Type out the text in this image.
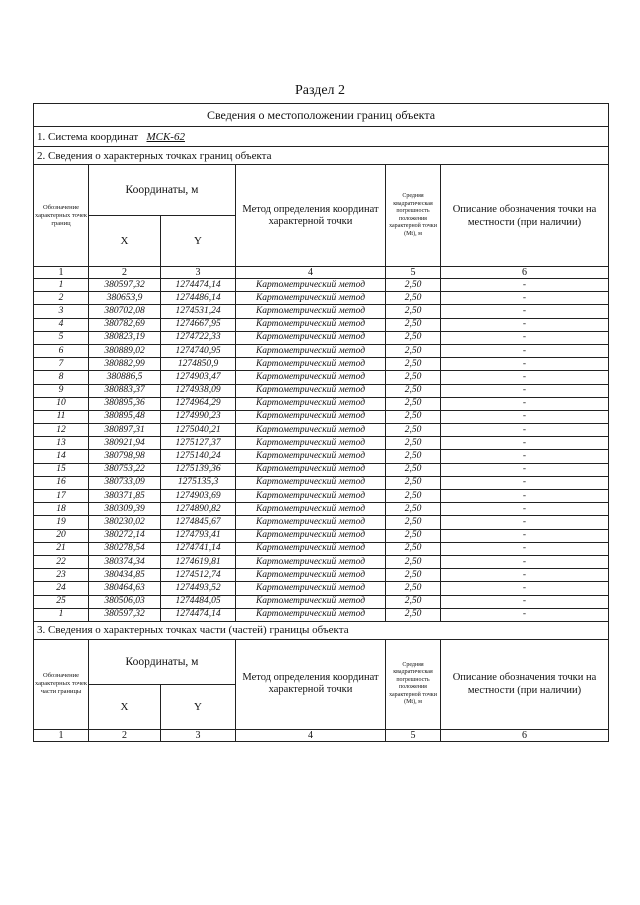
Раздел 2
Сведения о местоположении границ объекта					
1. Система координат МСК-62					
2. Сведения о характерных точках границ объекта					
Обозначение характерных точек границ	Координаты, м		Метод определения координат характерной точки	Средняя квадратическая погрешность положения характерной точки (Mt), м	Описание обозначения точки на местности (при наличии)
	X	Y			
1	2	3	4	5	6
1	380597,32	1274474,14	Картометрический метод	2,50	-
2	380653,9	1274486,14	Картометрический метод	2,50	-
3	380702,08	1274531,24	Картометрический метод	2,50	-
4	380782,69	1274667,95	Картометрический метод	2,50	-
5	380823,19	1274722,33	Картометрический метод	2,50	-
6	380889,02	1274740,95	Картометрический метод	2,50	-
7	380882,99	1274850,9	Картометрический метод	2,50	-
8	380886,5	1274903,47	Картометрический метод	2,50	-
9	380883,37	1274938,09	Картометрический метод	2,50	-
10	380895,36	1274964,29	Картометрический метод	2,50	-
11	380895,48	1274990,23	Картометрический метод	2,50	-
12	380897,31	1275040,21	Картометрический метод	2,50	-
13	380921,94	1275127,37	Картометрический метод	2,50	-
14	380798,98	1275140,24	Картометрический метод	2,50	-
15	380753,22	1275139,36	Картометрический метод	2,50	-
16	380733,09	1275135,3	Картометрический метод	2,50	-
17	380371,85	1274903,69	Картометрический метод	2,50	-
18	380309,39	1274890,82	Картометрический метод	2,50	-
19	380230,02	1274845,67	Картометрический метод	2,50	-
20	380272,14	1274793,41	Картометрический метод	2,50	-
21	380278,54	1274741,14	Картометрический метод	2,50	-
22	380374,34	1274619,81	Картометрический метод	2,50	-
23	380434,85	1274512,74	Картометрический метод	2,50	-
24	380464,63	1274493,52	Картометрический метод	2,50	-
25	380506,03	1274484,05	Картометрический метод	2,50	-
1	380597,32	1274474,14	Картометрический метод	2,50	-
3. Сведения о характерных точках части (частей) границы объекта					
Обозначение характерных точек части границы	Координаты, м		Метод определения координат характерной точки	Средняя квадратическая погрешность положения характерной точки (Mt), м	Описание обозначения точки на местности (при наличии)
	X	Y			
1	2	3	4	5	6
